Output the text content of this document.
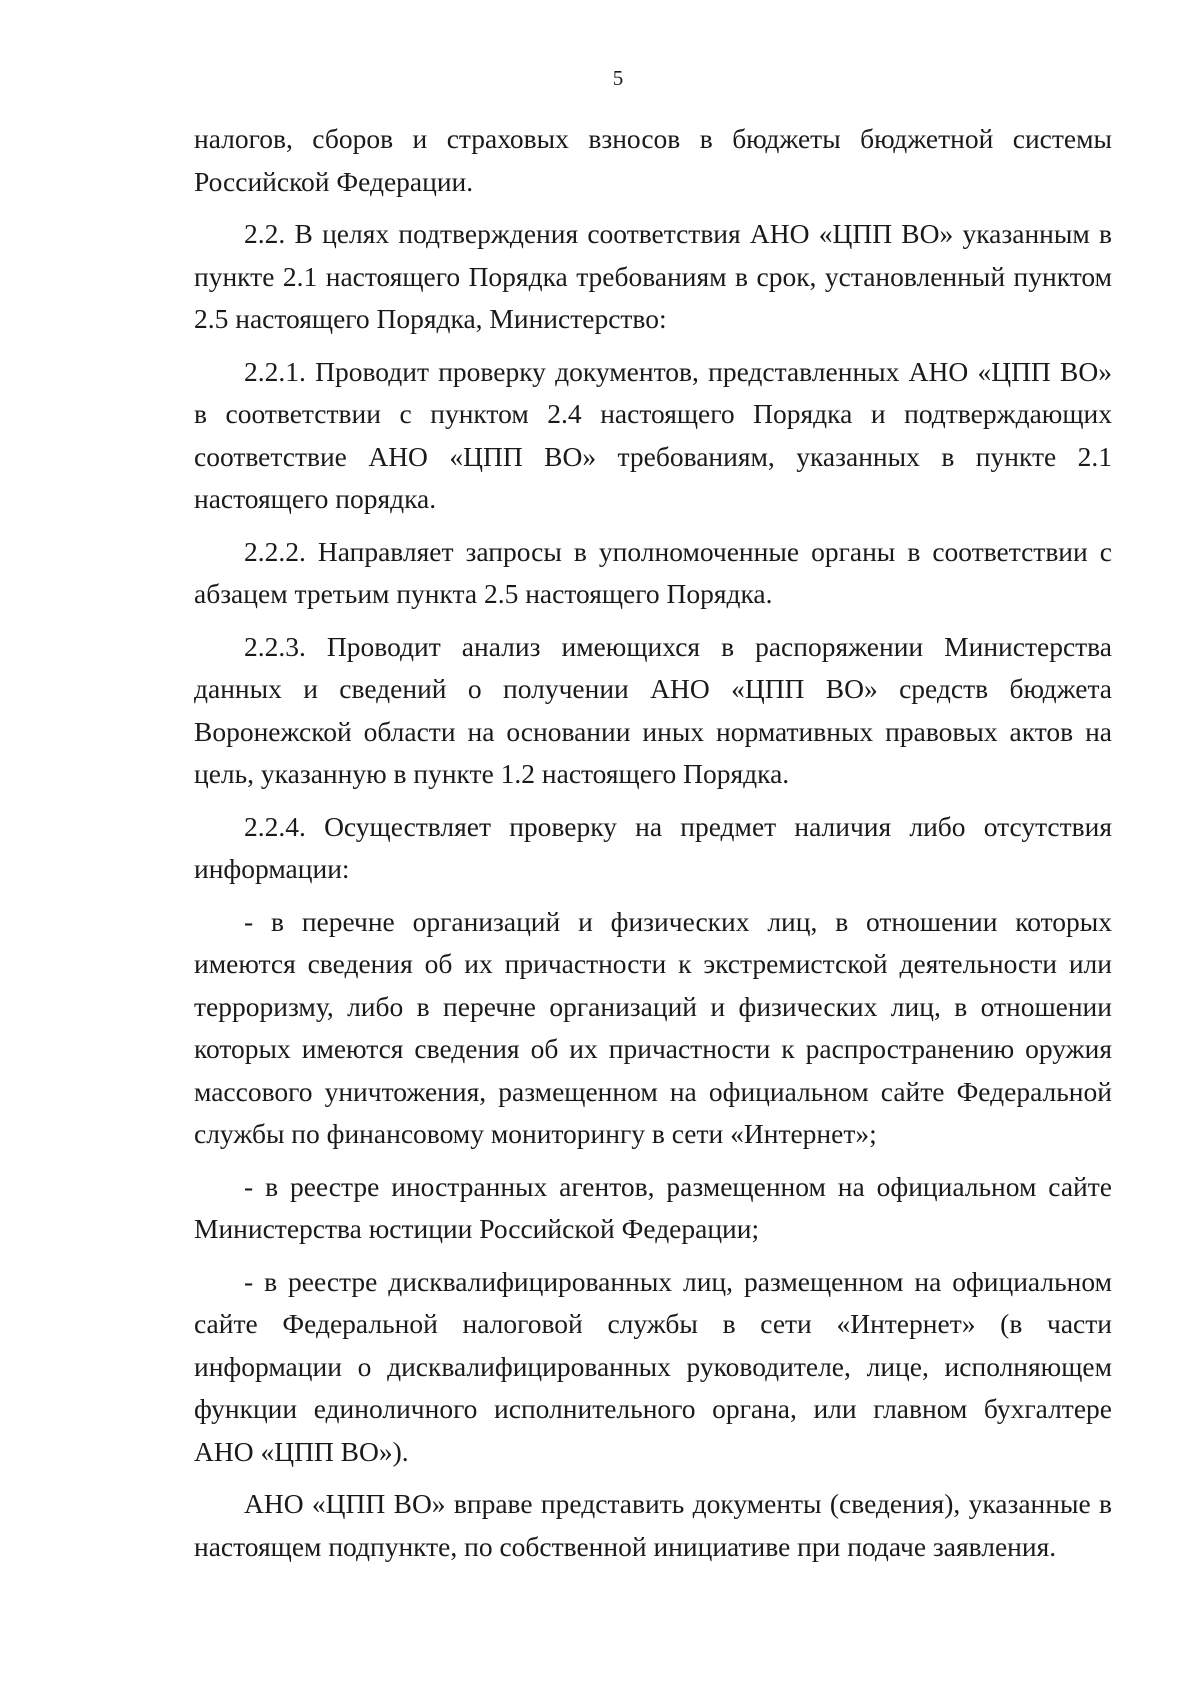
5

налогов, сборов и страховых взносов в бюджеты бюджетной системы Российской Федерации.

2.2. В целях подтверждения соответствия АНО «ЦПП ВО» указанным в пункте 2.1 настоящего Порядка требованиям в срок, установленный пунктом 2.5 настоящего Порядка, Министерство:

2.2.1. Проводит проверку документов, представленных АНО «ЦПП ВО» в соответствии с пунктом 2.4 настоящего Порядка и подтверждающих соответствие АНО «ЦПП ВО» требованиям, указанных в пункте 2.1 настоящего порядка.

2.2.2. Направляет запросы в уполномоченные органы в соответствии с абзацем третьим пункта 2.5 настоящего Порядка.

2.2.3. Проводит анализ имеющихся в распоряжении Министерства данных и сведений о получении АНО «ЦПП ВО» средств бюджета Воронежской области на основании иных нормативных правовых актов на цель, указанную в пункте 1.2 настоящего Порядка.

2.2.4. Осуществляет проверку на предмет наличия либо отсутствия информации:

- в перечне организаций и физических лиц, в отношении которых имеются сведения об их причастности к экстремистской деятельности или терроризму, либо в перечне организаций и физических лиц, в отношении которых имеются сведения об их причастности к распространению оружия массового уничтожения, размещенном на официальном сайте Федеральной службы по финансовому мониторингу в сети «Интернет»;

- в реестре иностранных агентов, размещенном на официальном сайте Министерства юстиции Российской Федерации;

- в реестре дисквалифицированных лиц, размещенном на официальном сайте Федеральной налоговой службы в сети «Интернет» (в части информации о дисквалифицированных руководителе, лице, исполняющем функции единоличного исполнительного органа, или главном бухгалтере АНО «ЦПП ВО»).

АНО «ЦПП ВО» вправе представить документы (сведения), указанные в настоящем подпункте, по собственной инициативе при подаче заявления.
